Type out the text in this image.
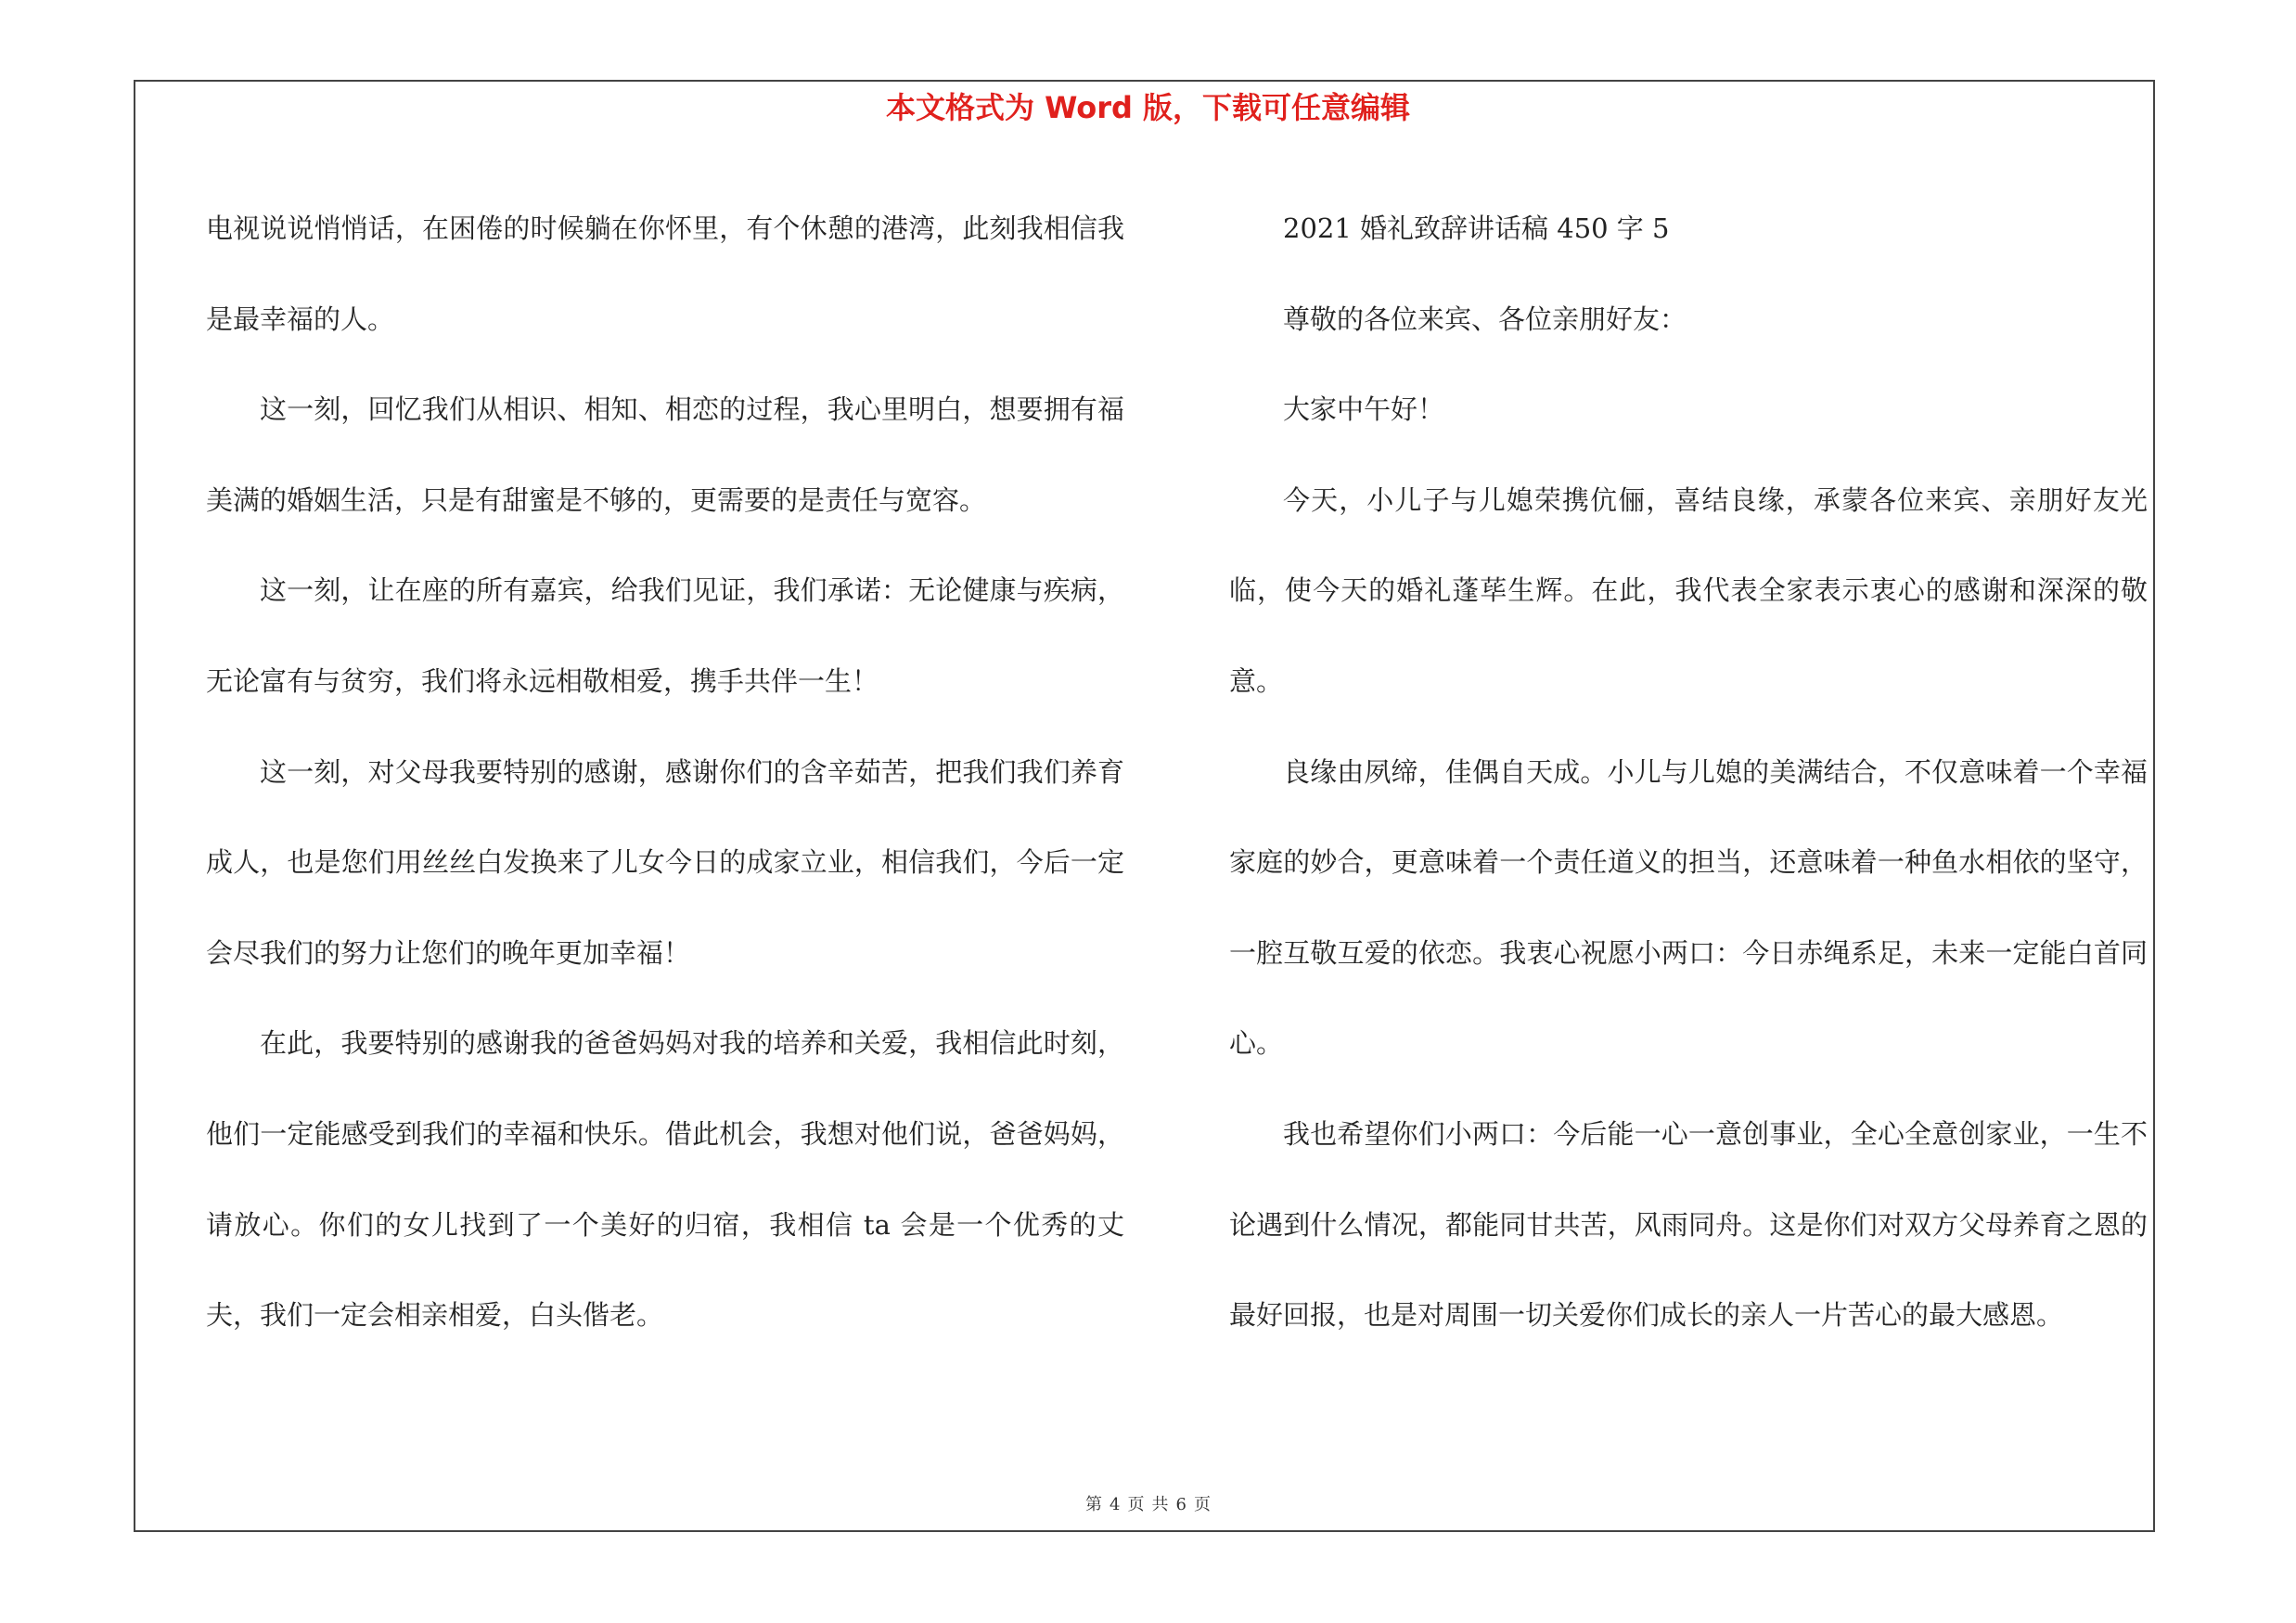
本文格式为 Word 版，下载可任意编辑

电视说说悄悄话，在困倦的时候躺在你怀里，有个休憩的港湾，此刻我相信我是最幸福的人。

这一刻，回忆我们从相识、相知、相恋的过程，我心里明白，想要拥有福美满的婚姻生活，只是有甜蜜是不够的，更需要的是责任与宽容。

这一刻，让在座的所有嘉宾，给我们见证，我们承诺：无论健康与疾病，无论富有与贫穷，我们将永远相敬相爱，携手共伴一生！

这一刻，对父母我要特别的感谢，感谢你们的含辛茹苦，把我们我们养育成人，也是您们用丝丝白发换来了儿女今日的成家立业，相信我们，今后一定会尽我们的努力让您们的晚年更加幸福！

在此，我要特别的感谢我的爸爸妈妈对我的培养和关爱，我相信此时刻，他们一定能感受到我们的幸福和快乐。借此机会，我想对他们说，爸爸妈妈，请放心。你们的女儿找到了一个美好的归宿，我相信 ta 会是一个优秀的丈夫，我们一定会相亲相爱，白头偕老。

2021 婚礼致辞讲话稿 450 字 5

尊敬的各位来宾、各位亲朋好友：

大家中午好！

今天，小儿子与儿媳荣携伉俪，喜结良缘，承蒙各位来宾、亲朋好友光临，使今天的婚礼蓬荜生辉。在此，我代表全家表示衷心的感谢和深深的敬意。

良缘由夙缔，佳偶自天成。小儿与儿媳的美满结合，不仅意味着一个幸福家庭的妙合，更意味着一个责任道义的担当，还意味着一种鱼水相依的坚守，一腔互敬互爱的依恋。我衷心祝愿小两口：今日赤绳系足，未来一定能白首同心。

我也希望你们小两口：今后能一心一意创事业，全心全意创家业，一生不论遇到什么情况，都能同甘共苦，风雨同舟。这是你们对双方父母养育之恩的最好回报，也是对周围一切关爱你们成长的亲人一片苦心的最大感恩。

第 4 页 共 6 页
